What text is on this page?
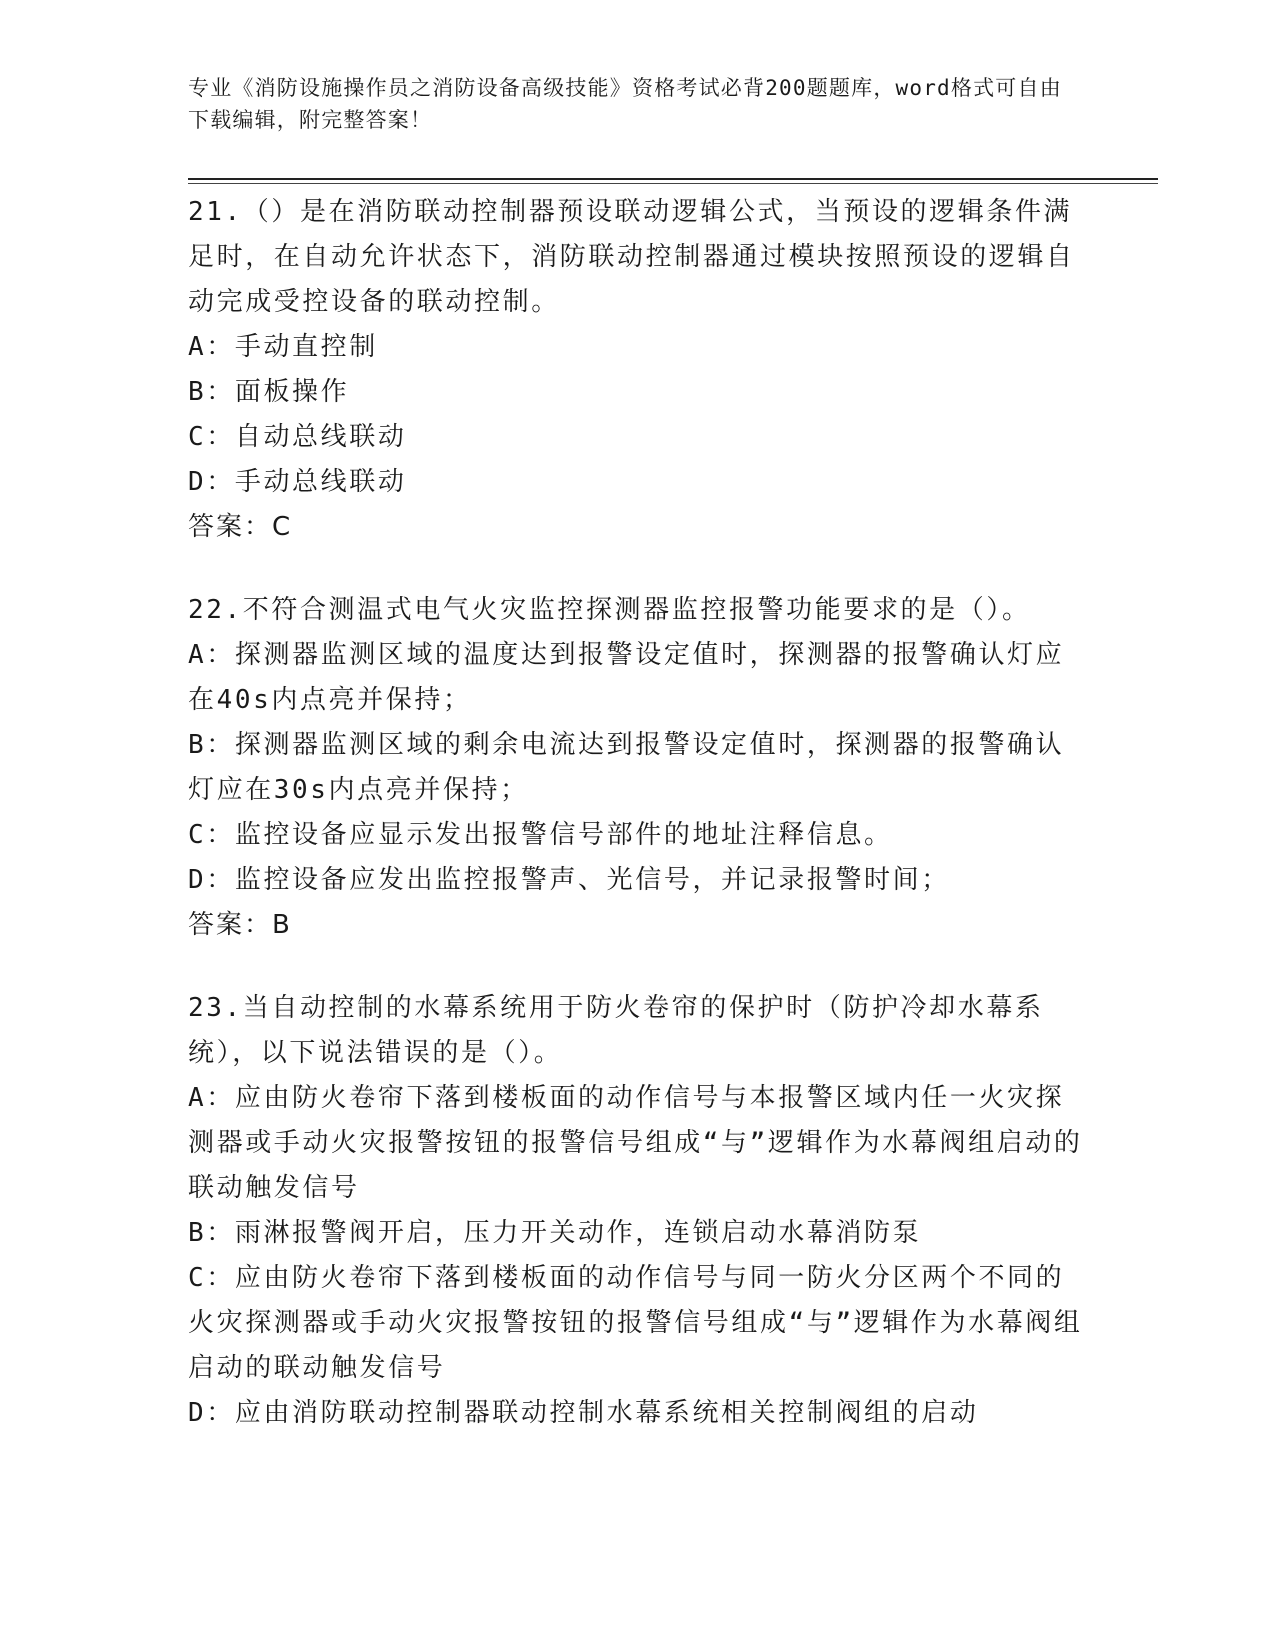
专业《消防设施操作员之消防设备高级技能》资格考试必背200题题库，word格式可自由下载编辑，附完整答案！

21.（）是在消防联动控制器预设联动逻辑公式，当预设的逻辑条件满足时，在自动允许状态下，消防联动控制器通过模块按照预设的逻辑自动完成受控设备的联动控制。

A：手动直控制

B：面板操作

C：自动总线联动

D：手动总线联动

答案：C

22.不符合测温式电气火灾监控探测器监控报警功能要求的是（）。

A：探测器监测区域的温度达到报警设定值时，探测器的报警确认灯应在40s内点亮并保持；

B：探测器监测区域的剩余电流达到报警设定值时，探测器的报警确认灯应在30s内点亮并保持；

C：监控设备应显示发出报警信号部件的地址注释信息。

D：监控设备应发出监控报警声、光信号，并记录报警时间；

答案：B

23.当自动控制的水幕系统用于防火卷帘的保护时（防护冷却水幕系统），以下说法错误的是（）。

A：应由防火卷帘下落到楼板面的动作信号与本报警区域内任一火灾探测器或手动火灾报警按钮的报警信号组成“与”逻辑作为水幕阀组启动的联动触发信号

B：雨淋报警阀开启，压力开关动作，连锁启动水幕消防泵

C：应由防火卷帘下落到楼板面的动作信号与同一防火分区两个不同的火灾探测器或手动火灾报警按钮的报警信号组成“与”逻辑作为水幕阀组启动的联动触发信号

D：应由消防联动控制器联动控制水幕系统相关控制阀组的启动
